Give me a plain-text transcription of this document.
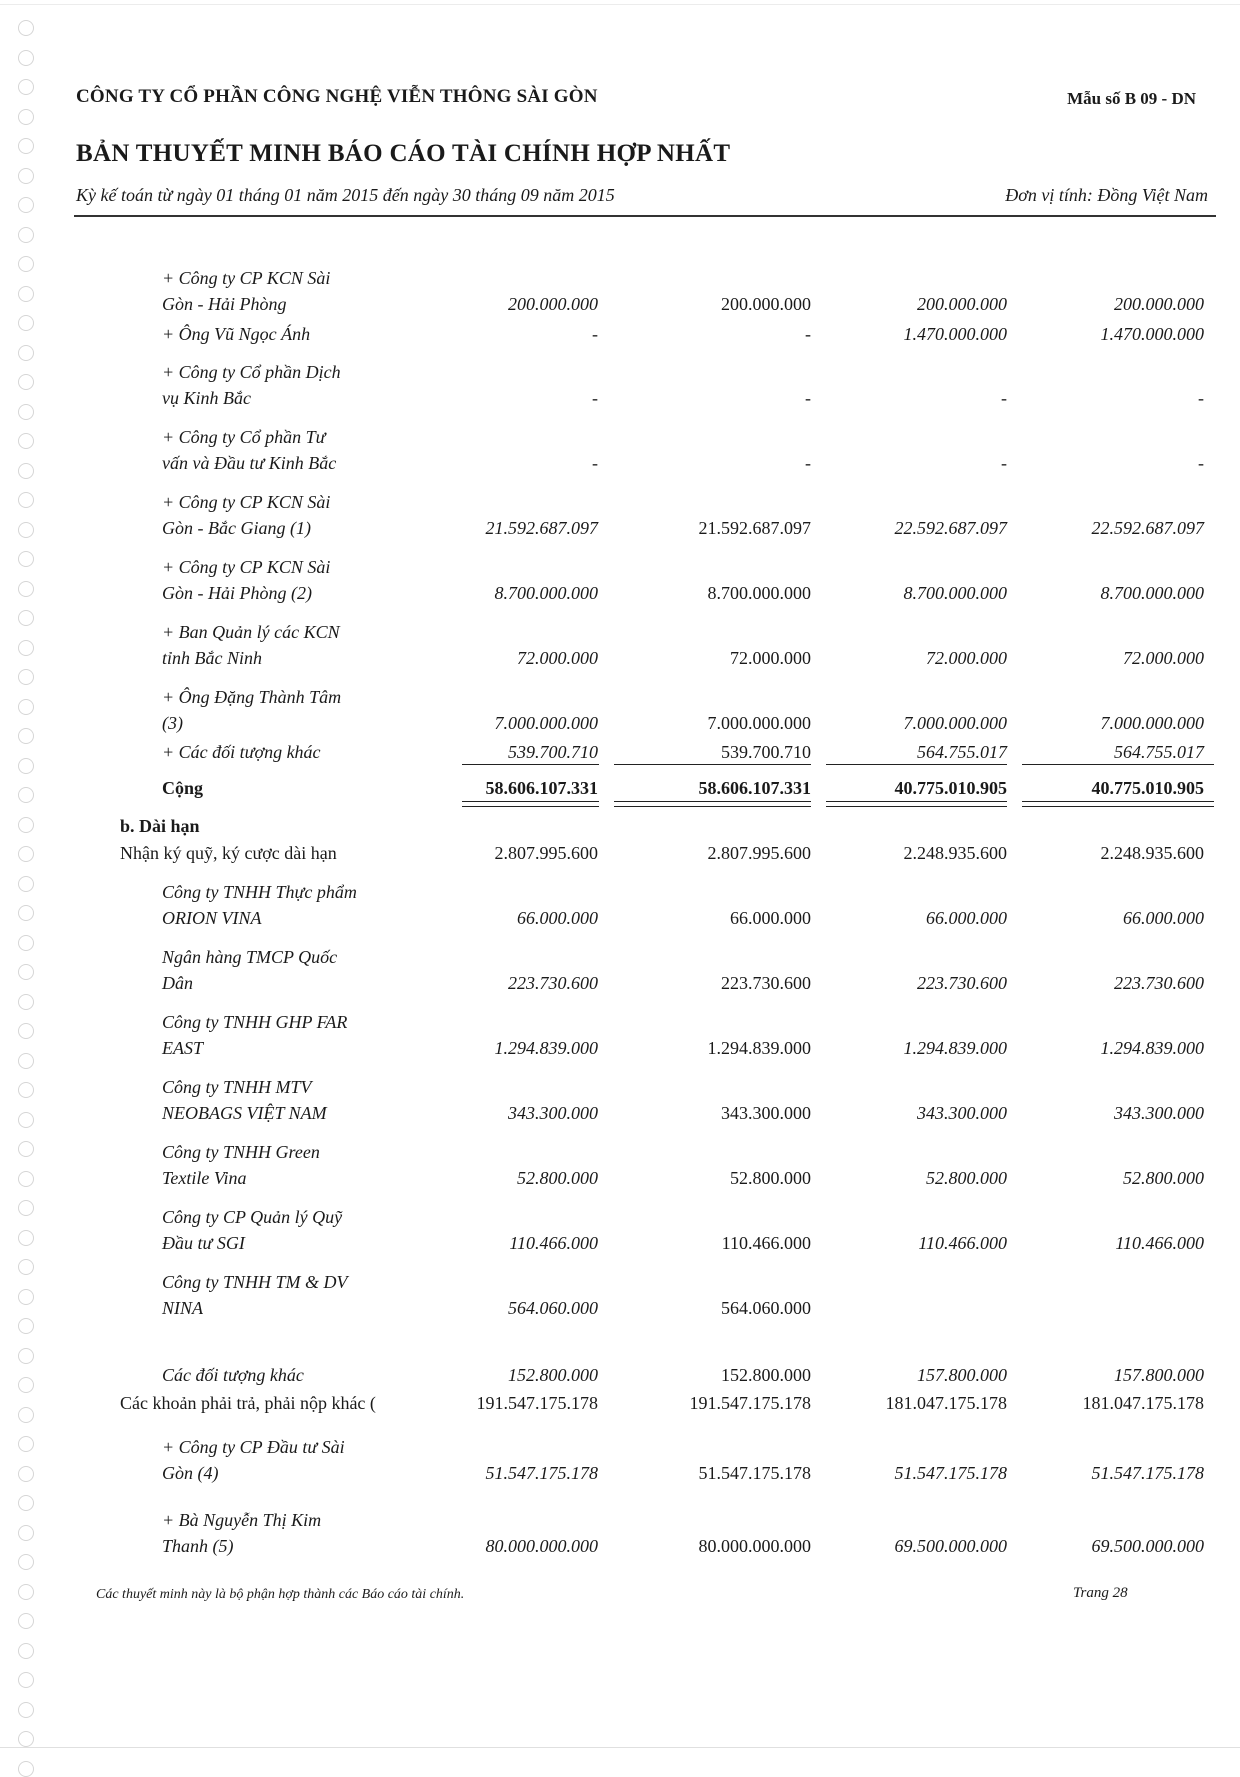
CÔNG TY CỔ PHẦN CÔNG NGHỆ VIỄN THÔNG SÀI GÒN	Mẫu số B 09 - DN
BẢN THUYẾT MINH BÁO CÁO TÀI CHÍNH HỢP NHẤT
Kỳ kế toán từ ngày 01 tháng 01 năm 2015 đến ngày 30 tháng 09 năm 2015	Đơn vị tính: Đồng Việt Nam
+ Công ty CP KCN Sài
Gòn - Hải Phòng	200.000.000	200.000.000	200.000.000	200.000.000
+ Ông Vũ Ngọc Ánh	-	-	1.470.000.000	1.470.000.000
+ Công ty Cổ phần Dịch
vụ Kinh Bắc	-	-	-	-
+ Công ty Cổ phần Tư
vấn và Đầu tư Kinh Bắc	-	-	-	-
+ Công ty CP KCN Sài
Gòn - Bắc Giang (1)	21.592.687.097	21.592.687.097	22.592.687.097	22.592.687.097
+ Công ty CP KCN Sài
Gòn - Hải Phòng (2)	8.700.000.000	8.700.000.000	8.700.000.000	8.700.000.000
+ Ban Quản lý các KCN
tỉnh Bắc Ninh	72.000.000	72.000.000	72.000.000	72.000.000
+ Ông Đặng Thành Tâm
(3)	7.000.000.000	7.000.000.000	7.000.000.000	7.000.000.000
+ Các đối tượng khác	539.700.710	539.700.710	564.755.017	564.755.017
Cộng	58.606.107.331	58.606.107.331	40.775.010.905	40.775.010.905
b. Dài hạn
Nhận ký quỹ, ký cược dài hạn	2.807.995.600	2.807.995.600	2.248.935.600	2.248.935.600
Công ty TNHH Thực phẩm
ORION VINA	66.000.000	66.000.000	66.000.000	66.000.000
Ngân hàng TMCP Quốc
Dân	223.730.600	223.730.600	223.730.600	223.730.600
Công ty TNHH GHP FAR
EAST	1.294.839.000	1.294.839.000	1.294.839.000	1.294.839.000
Công ty TNHH MTV
NEOBAGS VIỆT NAM	343.300.000	343.300.000	343.300.000	343.300.000
Công ty TNHH Green
Textile Vina	52.800.000	52.800.000	52.800.000	52.800.000
Công ty CP Quản lý Quỹ
Đầu tư SGI	110.466.000	110.466.000	110.466.000	110.466.000
Công ty TNHH TM & DV
NINA	564.060.000	564.060.000
Các đối tượng khác	152.800.000	152.800.000	157.800.000	157.800.000
Các khoản phải trả, phải nộp khác (	191.547.175.178	191.547.175.178	181.047.175.178	181.047.175.178
+ Công ty CP Đầu tư Sài
Gòn (4)	51.547.175.178	51.547.175.178	51.547.175.178	51.547.175.178
+ Bà Nguyễn Thị Kim
Thanh (5)	80.000.000.000	80.000.000.000	69.500.000.000	69.500.000.000
Các thuyết minh này là bộ phận hợp thành các Báo cáo tài chính.	Trang 28
